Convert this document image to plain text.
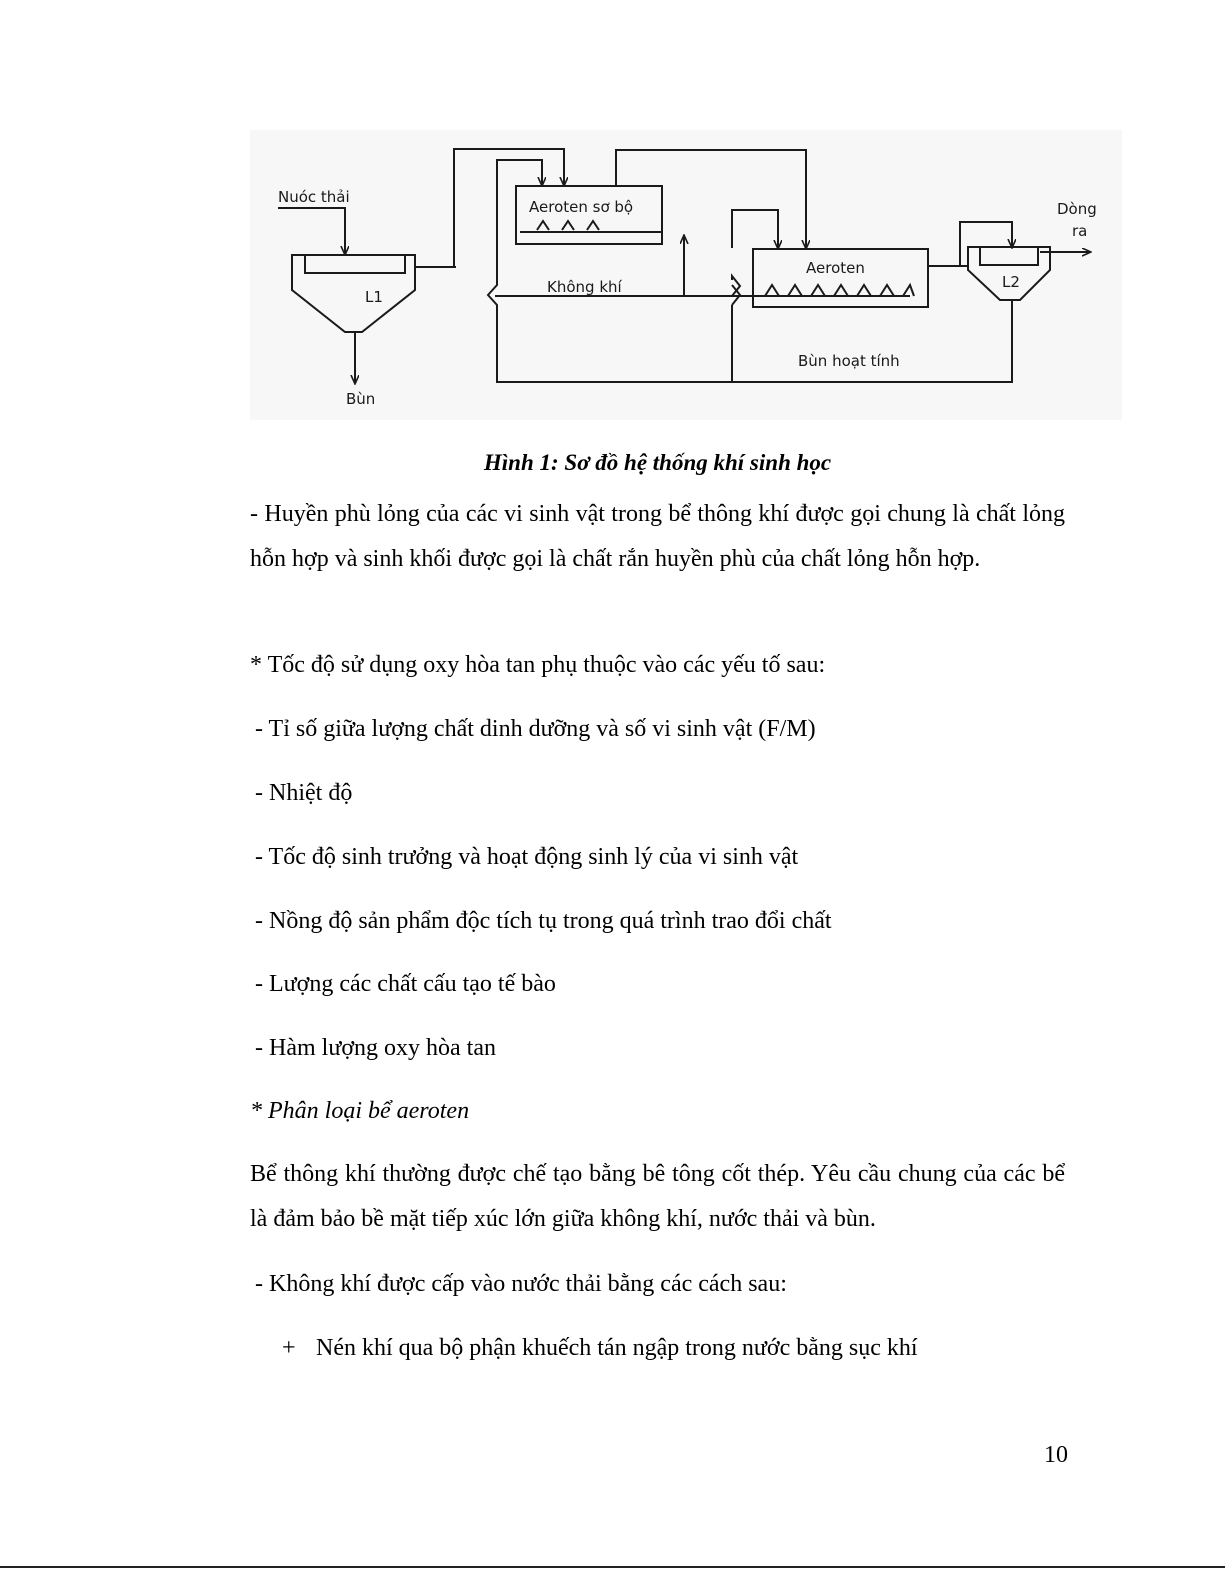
Nuóc thải
L1
Bùn
Aeroten sơ bộ
Không khí
Aeroten
L2
Dòng
ra
Bùn hoạt tính
Hình 1: Sơ đồ hệ thống khí sinh học
- Huyền phù lỏng của các vi sinh vật trong bể thông khí được gọi chung là chất lỏng hỗn hợp và sinh khối được gọi là chất rắn huyền phù của chất lỏng hỗn hợp.
* Tốc độ sử dụng oxy hòa tan phụ thuộc vào các yếu tố sau:
- Tỉ số giữa lượng chất dinh dưỡng và số vi sinh vật (F/M)
- Nhiệt độ
- Tốc độ sinh trưởng và hoạt động sinh lý của vi sinh vật
- Nồng độ sản phẩm độc tích tụ trong quá trình trao đổi chất
- Lượng các chất cấu tạo tế bào
- Hàm lượng oxy hòa tan
* Phân loại bể aeroten
Bể thông khí thường được chế tạo bằng bê tông cốt thép. Yêu cầu chung của các bể là đảm bảo bề mặt tiếp xúc lớn giữa không khí, nước thải và bùn.
- Không khí được cấp vào nước thải bằng các cách sau:
+ Nén khí qua bộ phận khuếch tán ngập trong nước bằng sục khí
10
